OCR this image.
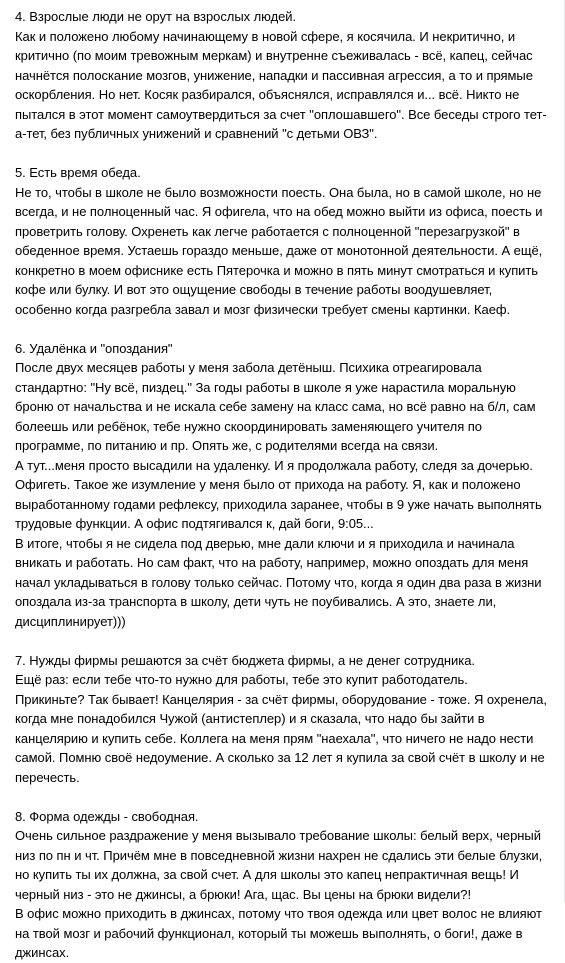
4. Взрослые люди не орут на взрослых людей.

Как и положено любому начинающему в новой сфере, я косячила. И некритично, и критично (по моим тревожным меркам) и внутренне съеживалась - всё, капец, сейчас начнётся полоскание мозгов, унижение, нападки и пассивная агрессия, а то и прямые оскорбления. Но нет. Косяк разбирался, объяснялся, исправлялся и... всё. Никто не пытался в этот момент самоутвердиться за счет "оплошавшего". Все беседы строго тет-а-тет, без публичных унижений и сравнений "с детьми ОВЗ".

5. Есть время обеда.

Не то, чтобы в школе не было возможности поесть. Она была, но в самой школе, но не всегда, и не полноценный час. Я офигела, что на обед можно выйти из офиса, поесть и проветрить голову. Охренеть как легче работается с полноценной "перезагрузкой" в обеденное время. Устаешь гораздо меньше, даже от монотонной деятельности. А ещё, конкретно в моем офиснике есть Пятерочка и можно в пять минут смотраться и купить кофе или булку. И вот это ощущение свободы в течение работы воодушевляет, особенно когда разгребла завал и мозг физически требует смены картинки. Каеф.

6. Удалёнка и "опоздания"

После двух месяцев работы у меня забола детёныш. Психика отреагировала стандартно: "Ну всё, пиздец." За годы работы в школе я уже нарастила моральную броню от начальства и не искала себе замену на класс сама, но всё равно на б/л, сам болеешь или ребёнок, тебе нужно скоординировать заменяющего учителя по программе, по питанию и пр. Опять же, с родителями всегда на связи.

А тут...меня просто высадили на удаленку. И я продолжала работу, следя за дочерью. Офигеть. Такое же изумление у меня было от прихода на работу. Я, как и положено выработанному годами рефлексу, приходила заранее, чтобы в 9 уже начать выполнять трудовые функции. А офис подтягивался к, дай боги, 9:05...

В итоге, чтобы я не сидела под дверью, мне дали ключи и я приходила и начинала вникать и работать. Но сам факт, что на работу, например, можно опоздать для меня начал укладываться в голову только сейчас. Потому что, когда я один два раза в жизни опоздала из-за транспорта в школу, дети чуть не поубивались. А это, знаете ли, дисциплинирует)))

7. Нужды фирмы решаются за счёт бюджета фирмы, а не денег сотрудника.

Ещё раз: если тебе что-то нужно для работы, тебе это купит работодатель.

Прикиньте? Так бывает! Канцелярия - за счёт фирмы, оборудование - тоже. Я охренела, когда мне понадобился Чужой (антистеплер) и я сказала, что надо бы зайти в канцелярию и купить себе. Коллега на меня прям "наехала", что ничего не надо нести самой. Помню своё недоумение. А сколько за 12 лет я купила за свой счёт в школу и не перечесть.

8. Форма одежды - свободная.

Очень сильное раздражение у меня вызывало требование школы: белый верх, черный низ по пн и чт. Причём мне в повседневной жизни нахрен не сдались эти белые блузки, но купить ты их должна, за свой счет. А для школы это капец непрактичная вещь! И черный низ - это не джинсы, а брюки! Ага, щас. Вы цены на брюки видели?!

В офис можно приходить в джинсах, потому что твоя одежда или цвет волос не влияют на твой мозг и рабочий функционал, который ты можешь выполнять, о боги!, даже в джинсах.
